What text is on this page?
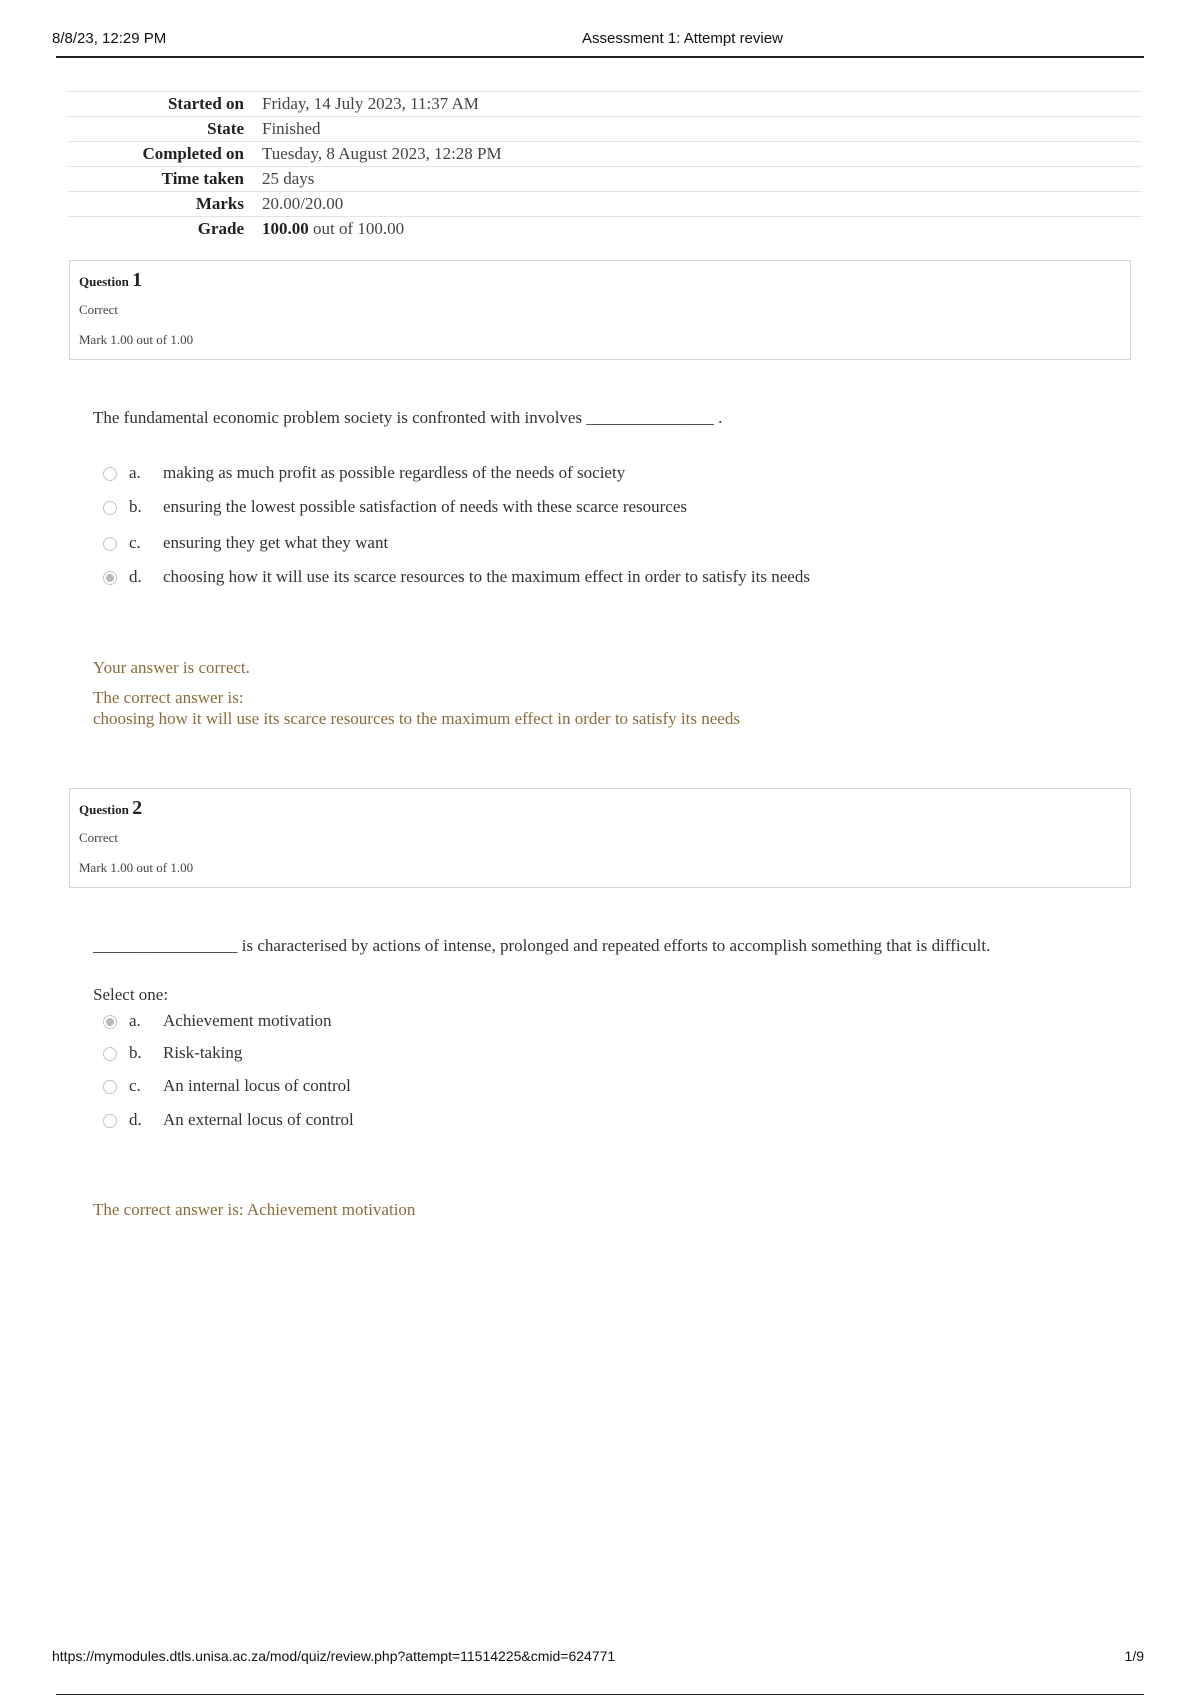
8/8/23, 12:29 PM	Assessment 1: Attempt review
Started on	Friday, 14 July 2023, 11:37 AM
State	Finished
Completed on	Tuesday, 8 August 2023, 12:28 PM
Time taken	25 days
Marks	20.00/20.00
Grade	100.00 out of 100.00
Question 1
Correct
Mark 1.00 out of 1.00
The fundamental economic problem society is confronted with involves _______________ .
a. making as much profit as possible regardless of the needs of society
b. ensuring the lowest possible satisfaction of needs with these scarce resources
c. ensuring they get what they want
d. choosing how it will use its scarce resources to the maximum effect in order to satisfy its needs
Your answer is correct.
The correct answer is:
choosing how it will use its scarce resources to the maximum effect in order to satisfy its needs
Question 2
Correct
Mark 1.00 out of 1.00
_________________ is characterised by actions of intense, prolonged and repeated efforts to accomplish something that is difficult.
Select one:
a. Achievement motivation
b. Risk-taking
c. An internal locus of control
d. An external locus of control
The correct answer is: Achievement motivation
https://mymodules.dtls.unisa.ac.za/mod/quiz/review.php?attempt=11514225&cmid=624771	1/9
